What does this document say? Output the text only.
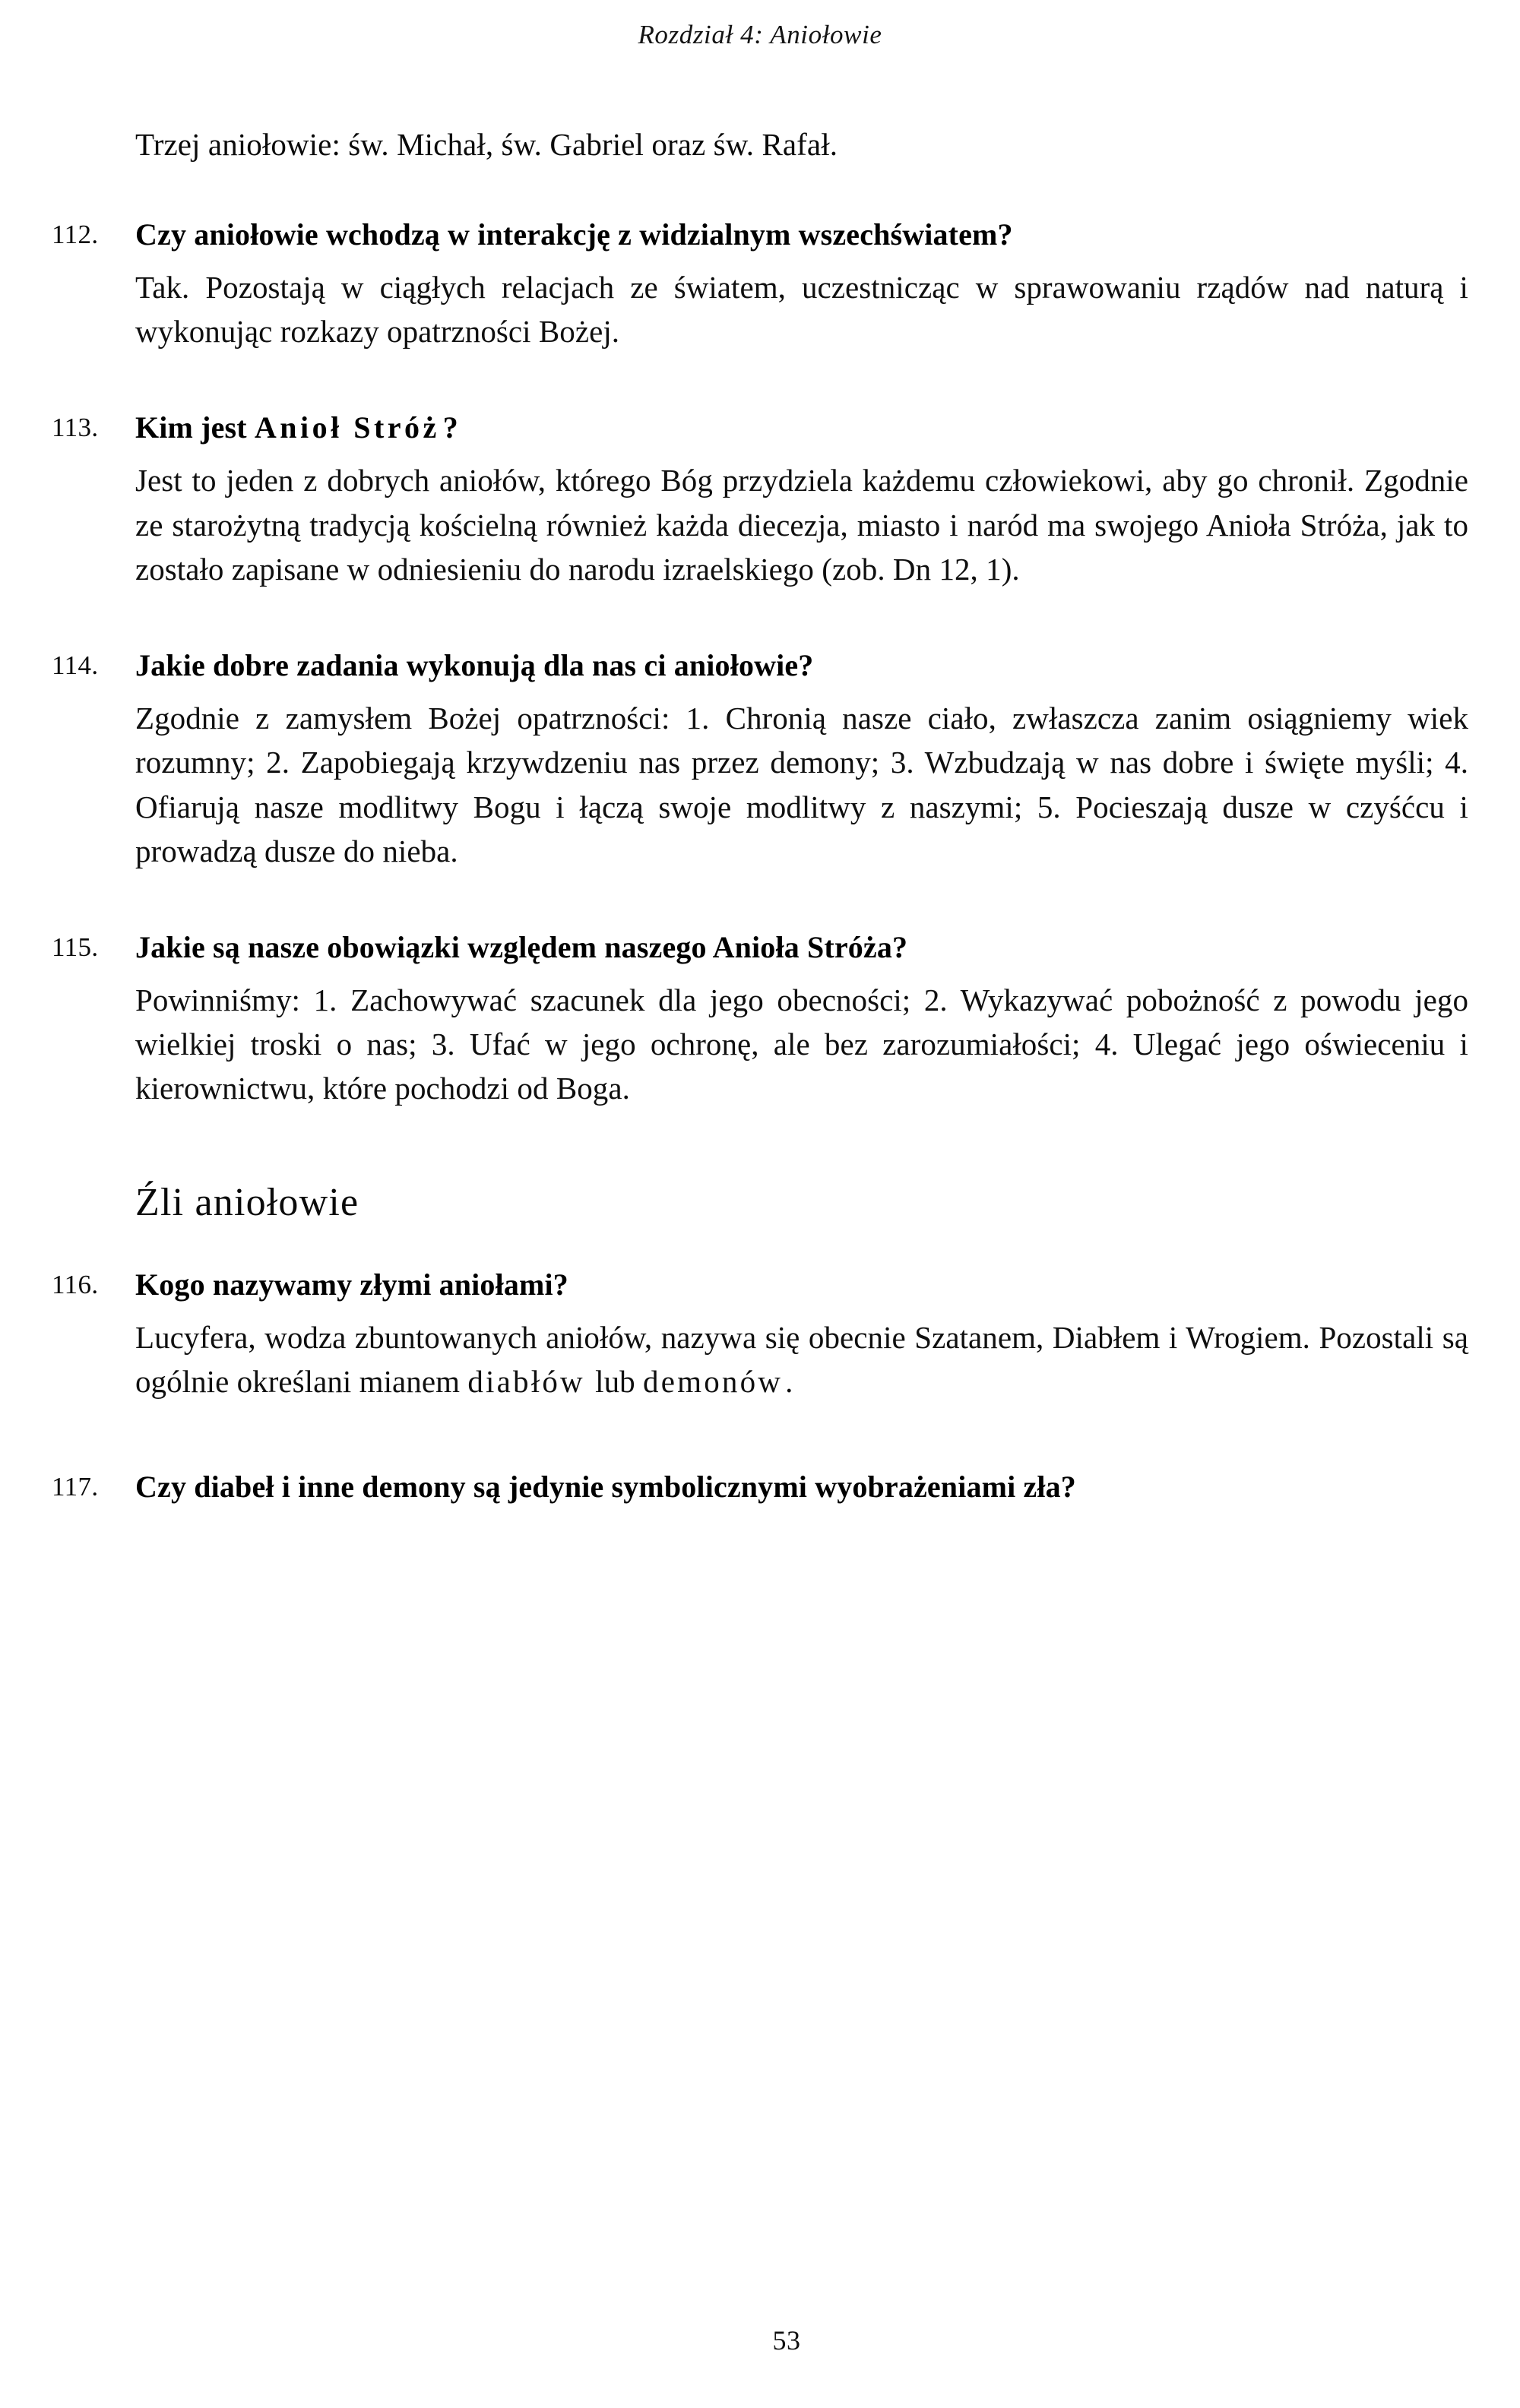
Rozdział 4: Aniołowie

Trzej aniołowie: św. Michał, św. Gabriel oraz św. Rafał.

112.	Czy aniołowie wchodzą w interakcję z widzialnym wszechświatem?

Tak. Pozostają w ciągłych relacjach ze światem, uczestnicząc w sprawowaniu rządów nad naturą i wykonując rozkazy opatrzności Bożej.

113.	Kim jest Anioł Stróż ?

Jest to jeden z dobrych aniołów, którego Bóg przydziela każdemu człowiekowi, aby go chronił. Zgodnie ze starożytną tradycją kościelną również każda diecezja, miasto i naród ma swojego Anioła Stróża, jak to zostało zapisane w odniesieniu do narodu izraelskiego (zob. Dn 12, 1).

114.	Jakie dobre zadania wykonują dla nas ci aniołowie?

Zgodnie z zamysłem Bożej opatrzności: 1. Chronią nasze ciało, zwłaszcza zanim osiągniemy wiek rozumny; 2. Zapobiegają krzywdzeniu nas przez demony; 3. Wzbudzają w nas dobre i święte myśli; 4. Ofiarują nasze modlitwy Bogu i łączą swoje modlitwy z naszymi; 5. Pocieszają dusze w czyśćcu i prowadzą dusze do nieba.

115.	Jakie są nasze obowiązki względem naszego Anioła Stróża?

Powinniśmy: 1. Zachowywać szacunek dla jego obecności; 2. Wykazywać pobożność z powodu jego wielkiej troski o nas; 3. Ufać w jego ochronę, ale bez zarozumiałości; 4. Ulegać jego oświeceniu i kierownictwu, które pochodzi od Boga.

Źli aniołowie
116.	Kogo nazywamy złymi aniołami?

Lucyfera, wodza zbuntowanych aniołów, nazywa się obecnie Szatanem, Diabłem i Wrogiem. Pozostali są ogólnie określani mianem diabłów lub demonów.

117.	Czy diabeł i inne demony są jedynie symbolicznymi wyobrażeniami zła?

53
